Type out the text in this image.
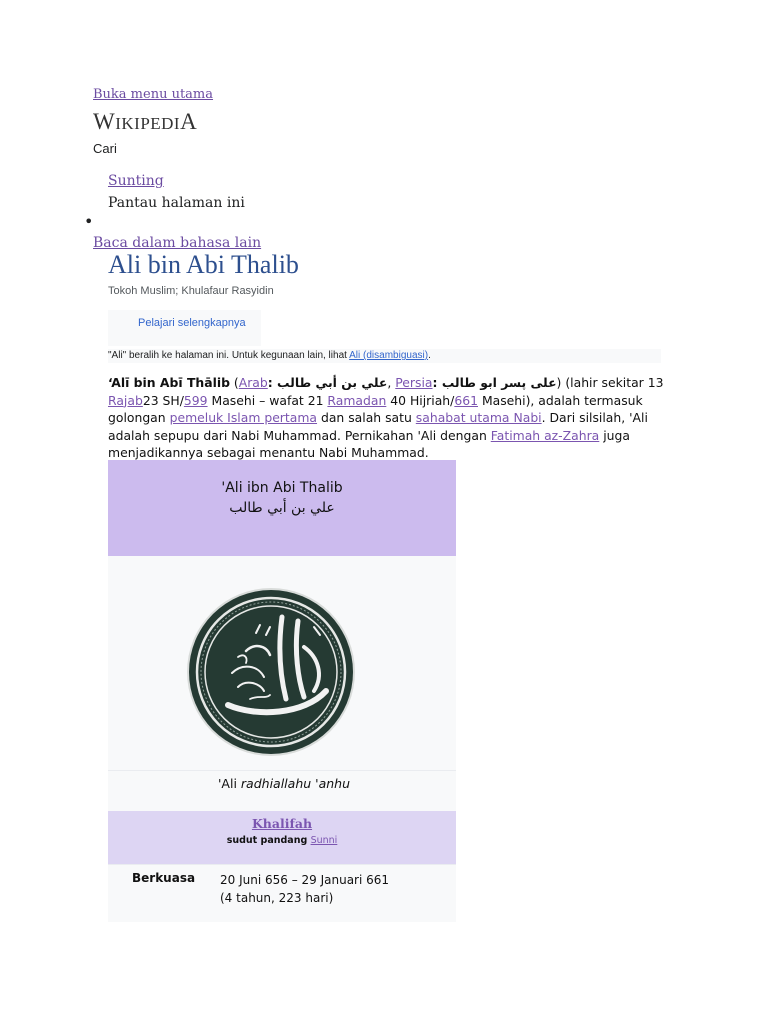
Buka menu utama
WIKIPEDIA
Cari
Sunting
Pantau halaman ini
•
Baca dalam bahasa lain
Ali bin Abi Thalib
Tokoh Muslim; Khulafaur Rasyidin
Pelajari selengkapnya
"Ali" beralih ke halaman ini. Untuk kegunaan lain, lihat Ali (disambiguasi).
ʻAlī bin Abī Thālib (Arab: علي بن أبي طالب, Persia: علی پسر ابو طالب) (lahir sekitar 13 Rajab23 SH/599 Masehi – wafat 21 Ramadan 40 Hijriah/661 Masehi), adalah termasuk golongan pemeluk Islam pertama dan salah satu sahabat utama Nabi. Dari silsilah, 'Ali adalah sepupu dari Nabi Muhammad. Pernikahan 'Ali dengan Fatimah az-Zahra juga menjadikannya sebagai menantu Nabi Muhammad.
'Ali ibn Abi Thalib
علي بن أبي طالب
'Ali radhiallahu 'anhu
Khalifah
sudut pandang Sunni
Berkuasa 20 Juni 656 – 29 Januari 661
(4 tahun, 223 hari)
